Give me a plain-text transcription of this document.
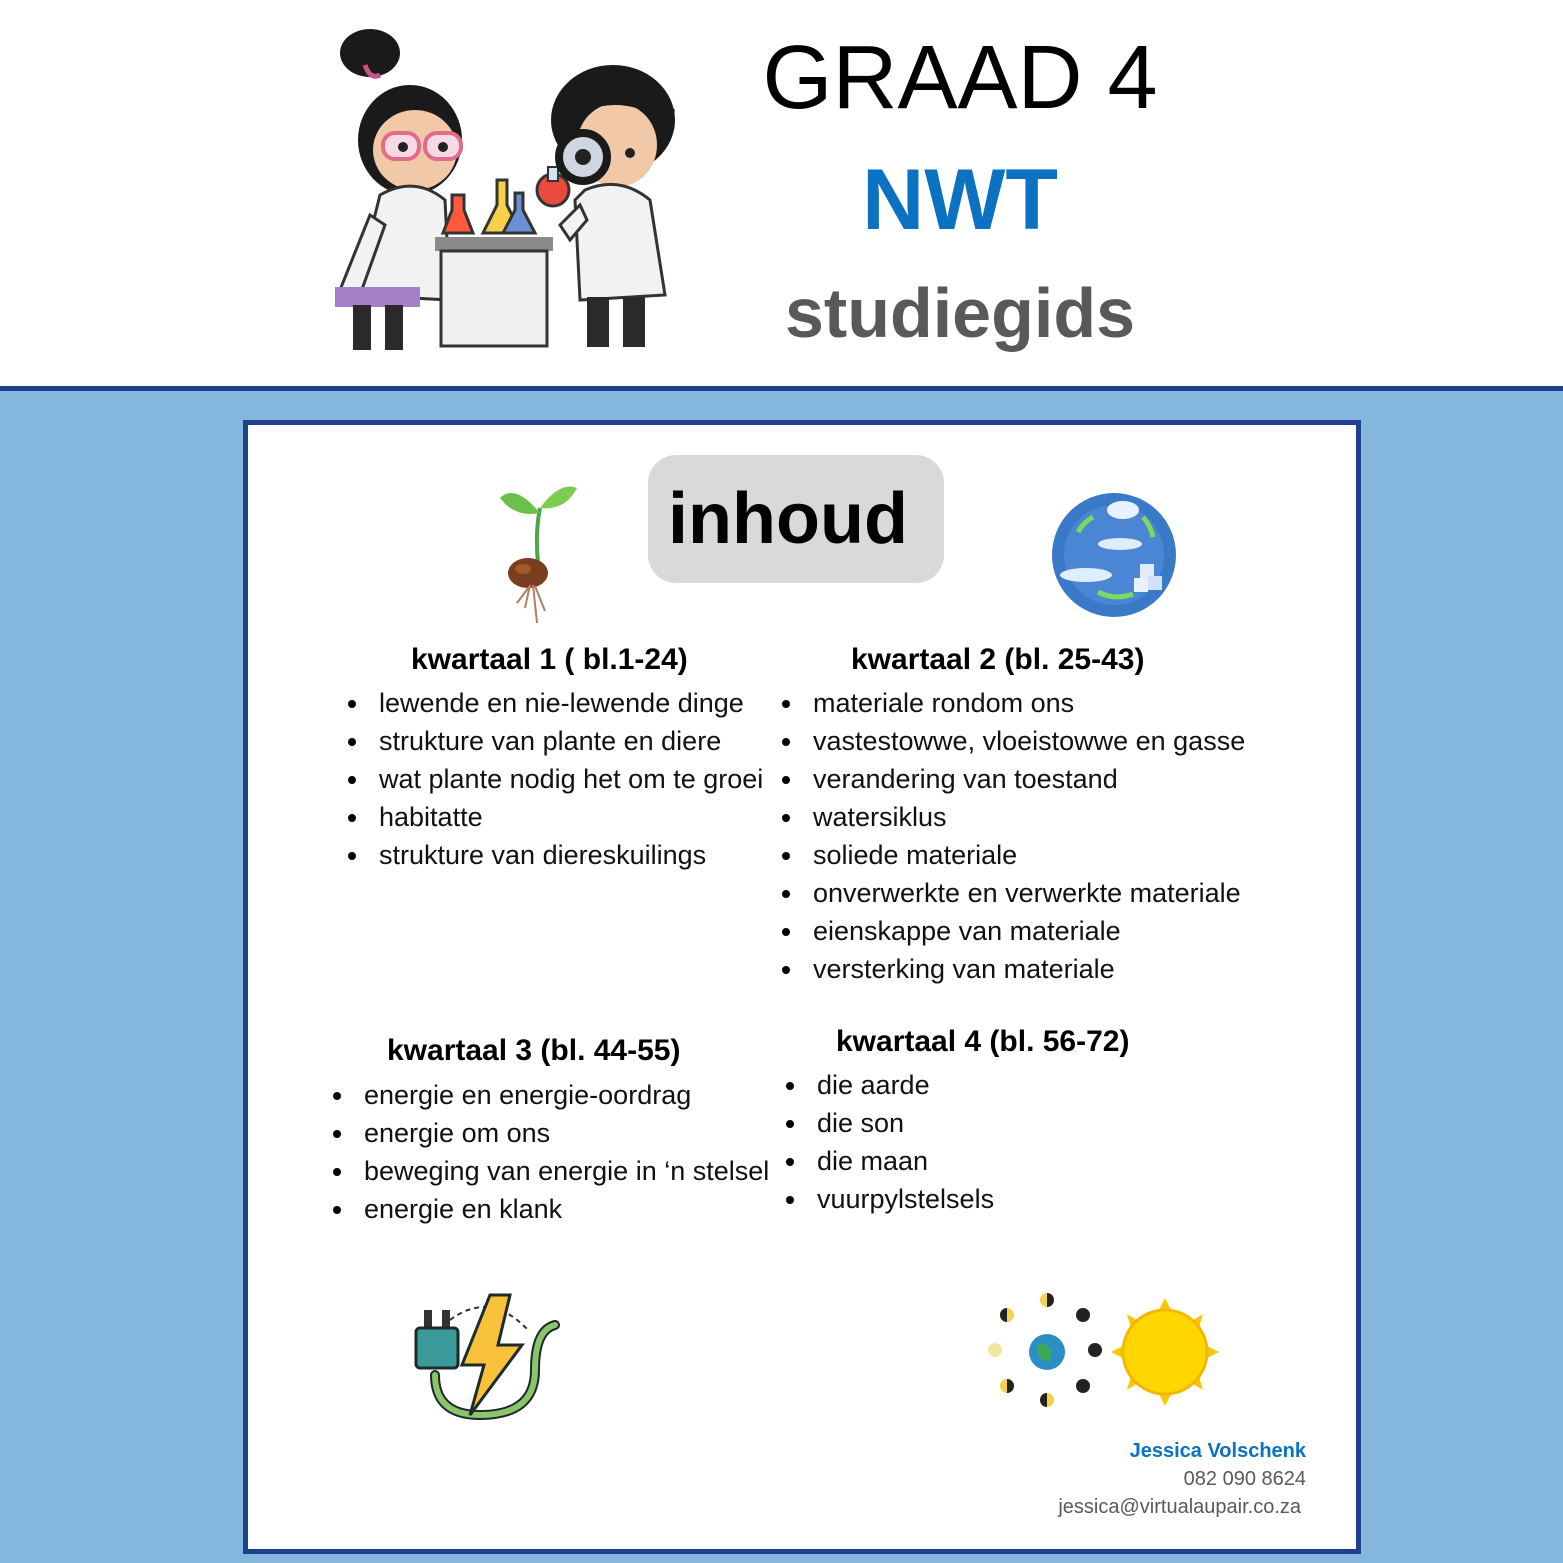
GRAAD 4
NWT
studiegids
inhoud
kwartaal 1 ( bl.1-24)
lewende en nie-lewende dinge
strukture van plante en diere
wat plante nodig het om te groei
habitatte
strukture van diereskuilings
kwartaal 2 (bl. 25-43)
materiale rondom ons
vastestowwe, vloeistowwe en gasse
verandering van toestand
watersiklus
soliede materiale
onverwerkte en verwerkte materiale
eienskappe van materiale
versterking van materiale
kwartaal 3 (bl. 44-55)
energie en energie-oordrag
energie om ons
beweging van energie in ‘n stelsel
energie en klank
kwartaal 4 (bl. 56-72)
die aarde
die son
die maan
vuurpylstelsels
Jessica Volschenk
082 090 8624
jessica@virtualaupair.co.za
